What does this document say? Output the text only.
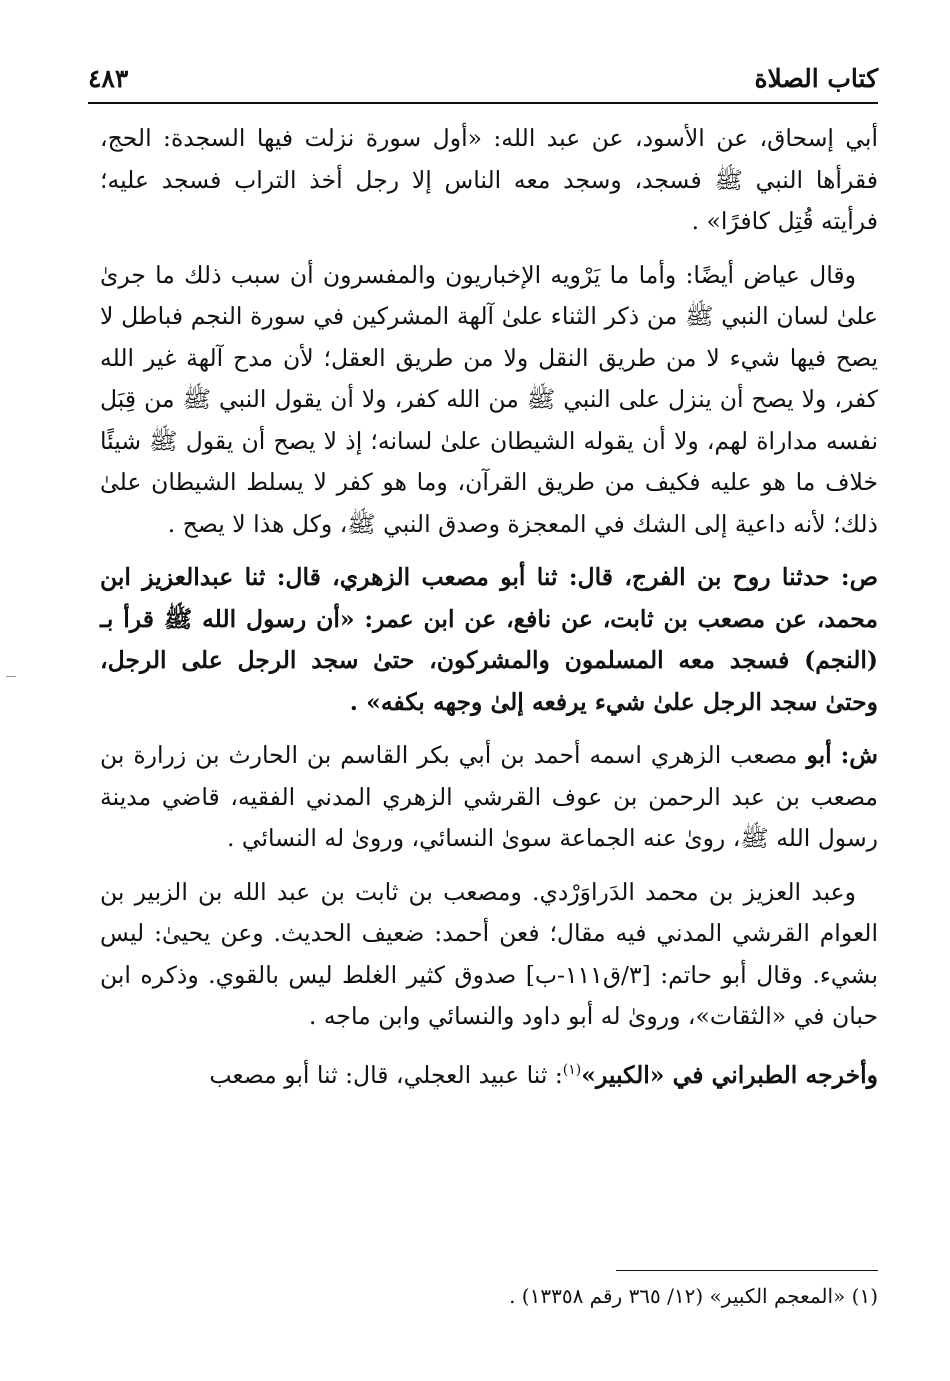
كتاب الصلاة
٤٨٣

أبي إسحاق، عن الأسود، عن عبد الله: «أول سورة نزلت فيها السجدة: الحج، فقرأها النبي ﷺ فسجد، وسجد معه الناس إلا رجل أخذ التراب فسجد عليه؛ فرأيته قُتِل كافرًا» .

وقال عياض أيضًا: وأما ما يَرْويه الإخباريون والمفسرون أن سبب ذلك ما جرىٰ علىٰ لسان النبي ﷺ من ذكر الثناء علىٰ آلهة المشركين في سورة النجم فباطل لا يصح فيها شيء لا من طريق النقل ولا من طريق العقل؛ لأن مدح آلهة غير الله كفر، ولا يصح أن ينزل على النبي ﷺ من الله كفر، ولا أن يقول النبي ﷺ من قِبَل نفسه مداراة لهم، ولا أن يقوله الشيطان علىٰ لسانه؛ إذ لا يصح أن يقول ﷺ شيئًا خلاف ما هو عليه فكيف من طريق القرآن، وما هو كفر لا يسلط الشيطان علىٰ ذلك؛ لأنه داعية إلى الشك في المعجزة وصدق النبي ﷺ، وكل هذا لا يصح .

ص: حدثنا روح بن الفرج، قال: ثنا أبو مصعب الزهري، قال: ثنا عبدالعزيز ابن محمد، عن مصعب بن ثابت، عن نافع، عن ابن عمر: «أن رسول الله ﷺ قرأ بـ (النجم) فسجد معه المسلمون والمشركون، حتىٰ سجد الرجل على الرجل، وحتىٰ سجد الرجل علىٰ شيء يرفعه إلىٰ وجهه بكفه» .

ش: أبو مصعب الزهري اسمه أحمد بن أبي بكر القاسم بن الحارث بن زرارة بن مصعب بن عبد الرحمن بن عوف القرشي الزهري المدني الفقيه، قاضي مدينة رسول الله ﷺ، روىٰ عنه الجماعة سوىٰ النسائي، وروىٰ له النسائي .

وعبد العزيز بن محمد الدَراوَرْدي. ومصعب بن ثابت بن عبد الله بن الزبير بن العوام القرشي المدني فيه مقال؛ فعن أحمد: ضعيف الحديث. وعن يحيىٰ: ليس بشيء. وقال أبو حاتم: [٣/ق١١١-ب] صدوق كثير الغلط ليس بالقوي. وذكره ابن حبان في «الثقات»، وروىٰ له أبو داود والنسائي وابن ماجه .

وأخرجه الطبراني في «الكبير»$^{(١)}$: ثنا عبيد العجلي، قال: ثنا أبو مصعب

(١) «المعجم الكبير» (١٢/ ٣٦٥ رقم ١٣٣٥٨) .
